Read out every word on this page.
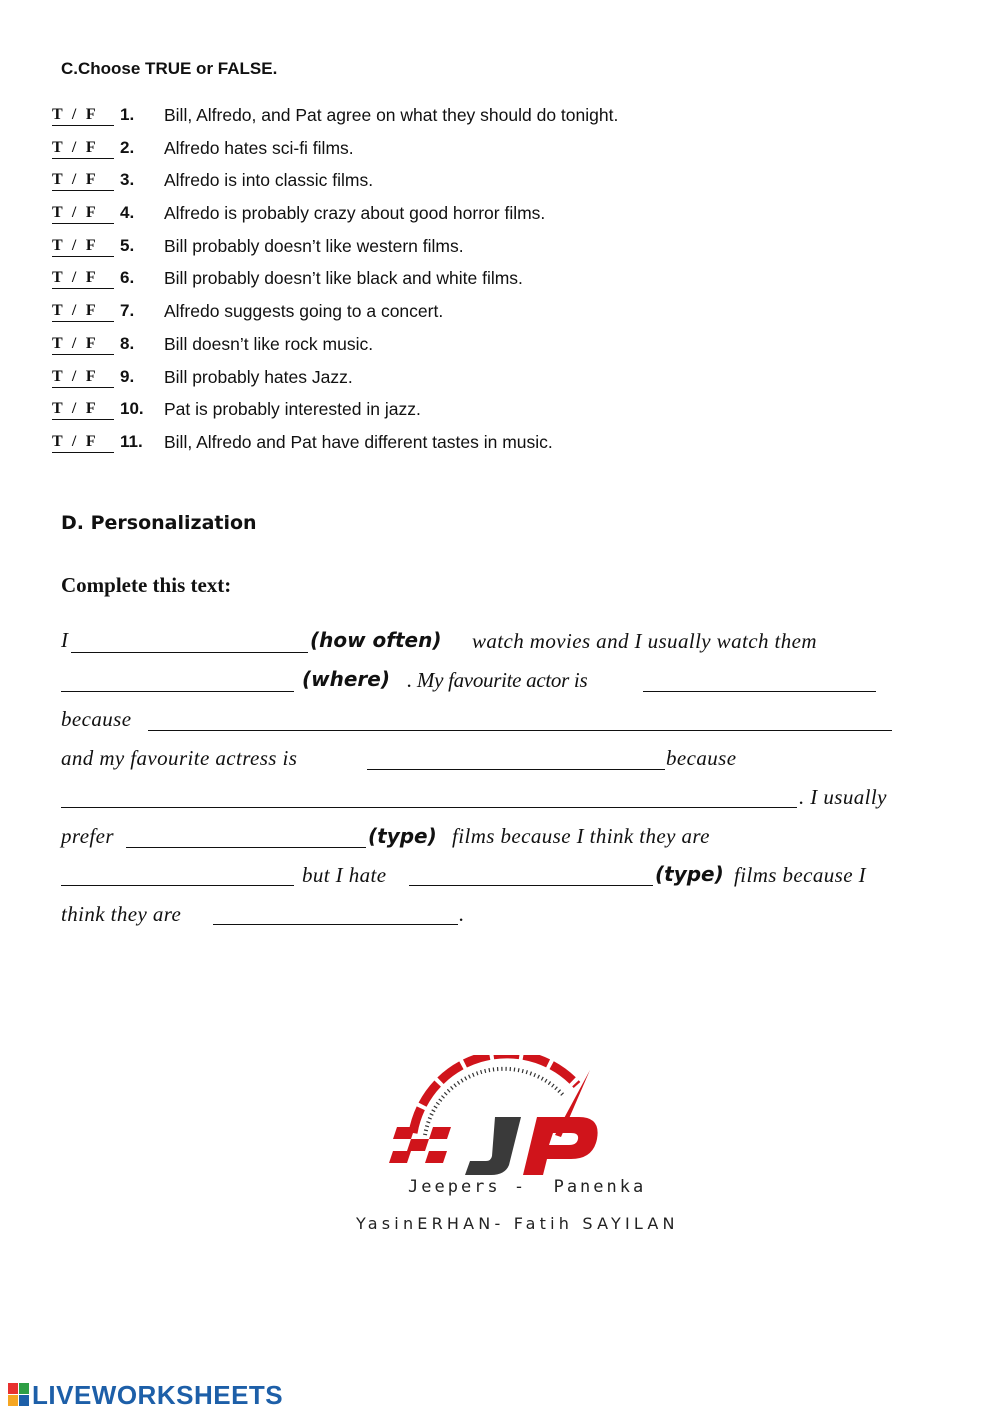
C.Choose TRUE or FALSE.
T  /  F 1. Bill, Alfredo, and Pat agree on what they should do tonight.
T  /  F 2. Alfredo hates sci-fi films.
T  /  F 3. Alfredo is into classic films.
T  /  F 4. Alfredo is probably crazy about good horror films.
T  /  F 5. Bill probably doesn’t like western films.
T  /  F 6. Bill probably doesn’t like black and white films.
T  /  F 7. Alfredo suggests going to a concert.
T  /  F 8. Bill doesn’t like rock music.
T  /  F 9. Bill probably hates Jazz.
T  /  F 10. Pat is probably interested in jazz.
T  /  F 11. Bill, Alfredo and Pat have different tastes in music.
D. Personalization
Complete this text:
I	(how often) watch movies and I usually watch them
(where) . My favourite actor is
because
and my favourite actress is	because
. I usually
prefer	(type) films because I think they are
but I hate	(type) films because I
think they are	.
Jeepers -  Panenka
YasinERHAN- Fatih SAYILAN
LIVEWORKSHEETS
